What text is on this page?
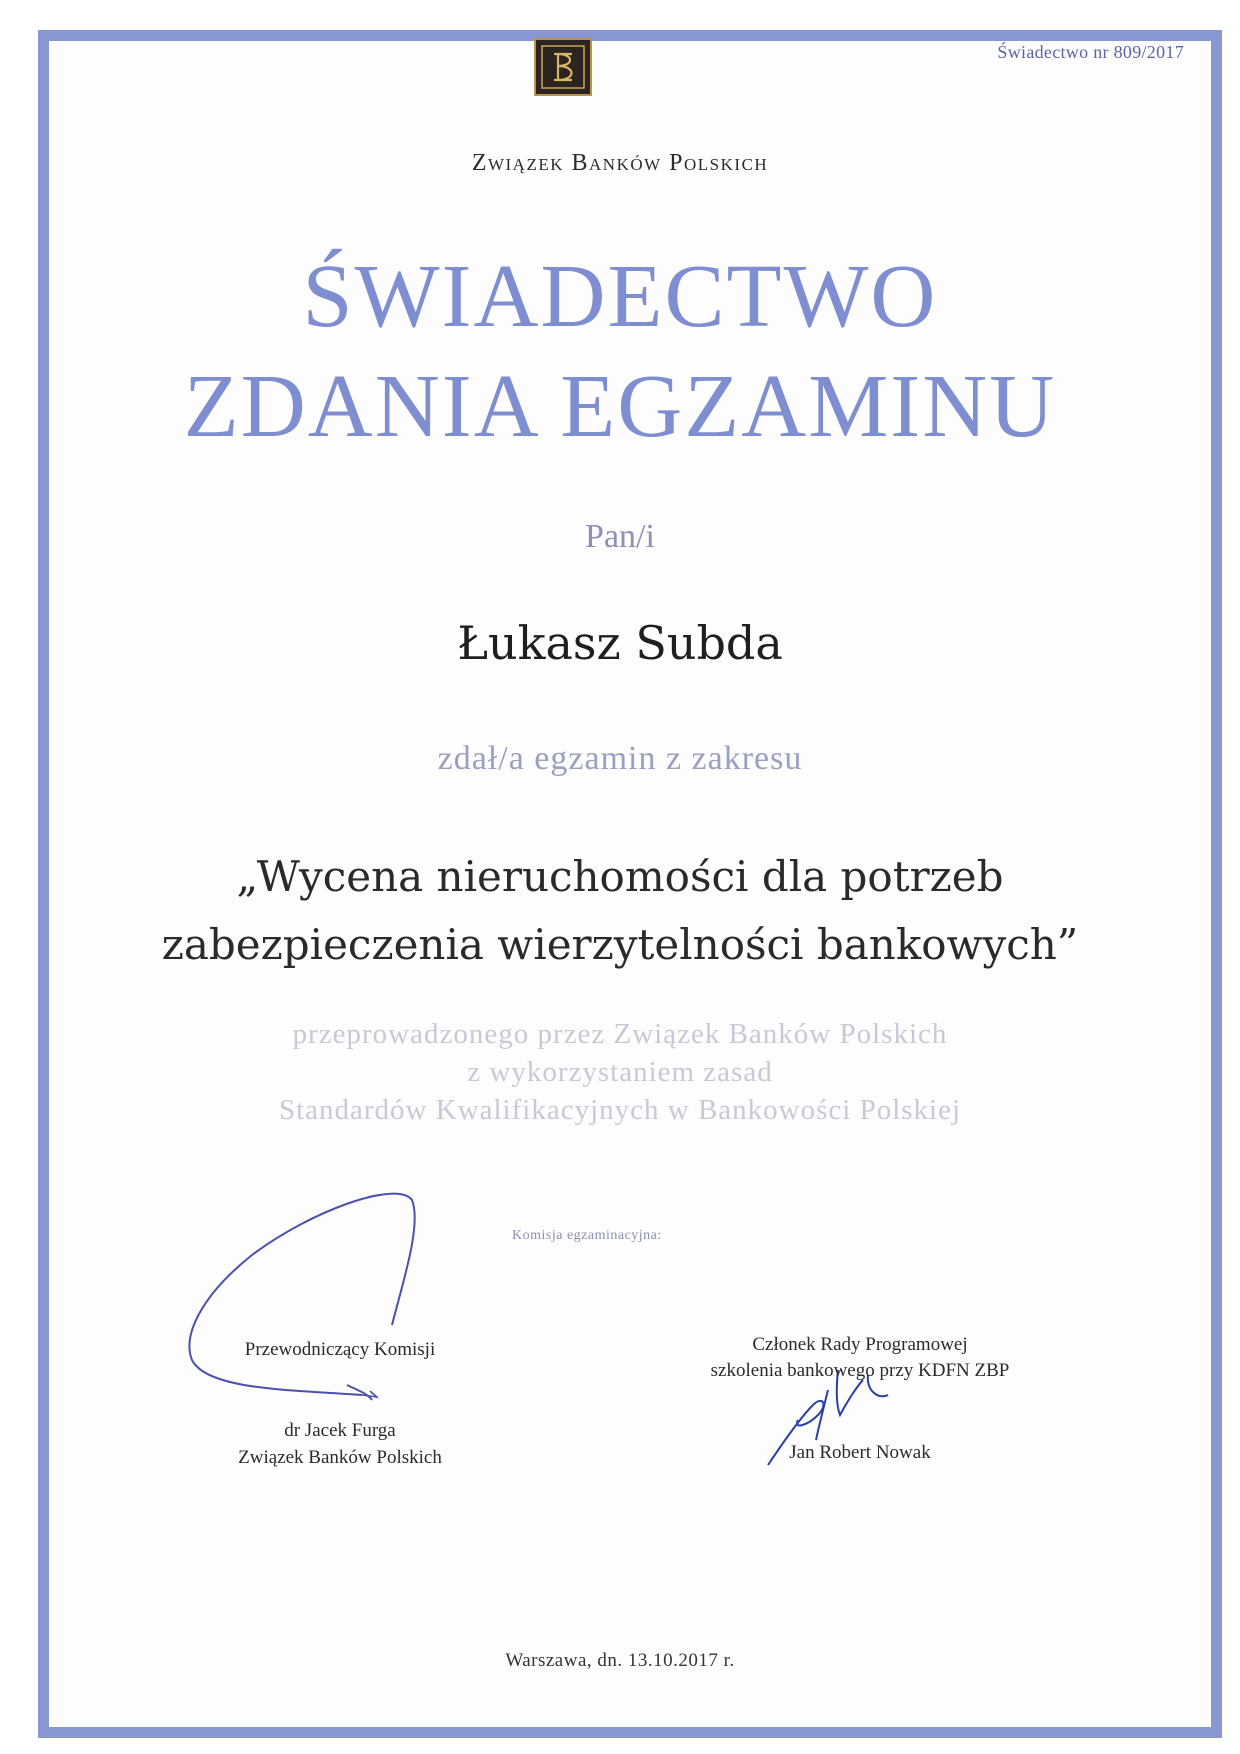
Świadectwo nr 809/2017
Związek Banków Polskich
ŚWIADECTWO
ZDANIA EGZAMINU
Pan/i
Łukasz Subda
zdał/a egzamin z zakresu
„Wycena nieruchomości dla potrzeb
zabezpieczenia wierzytelności bankowych”
przeprowadzonego przez Związek Banków Polskich
z wykorzystaniem zasad
Standardów Kwalifikacyjnych w Bankowości Polskiej
Komisja egzaminacyjna:
Przewodniczący Komisji
dr Jacek Furga
Związek Banków Polskich
Członek Rady Programowej
szkolenia bankowego przy KDFN ZBP
Jan Robert Nowak
Warszawa, dn. 13.10.2017 r.
